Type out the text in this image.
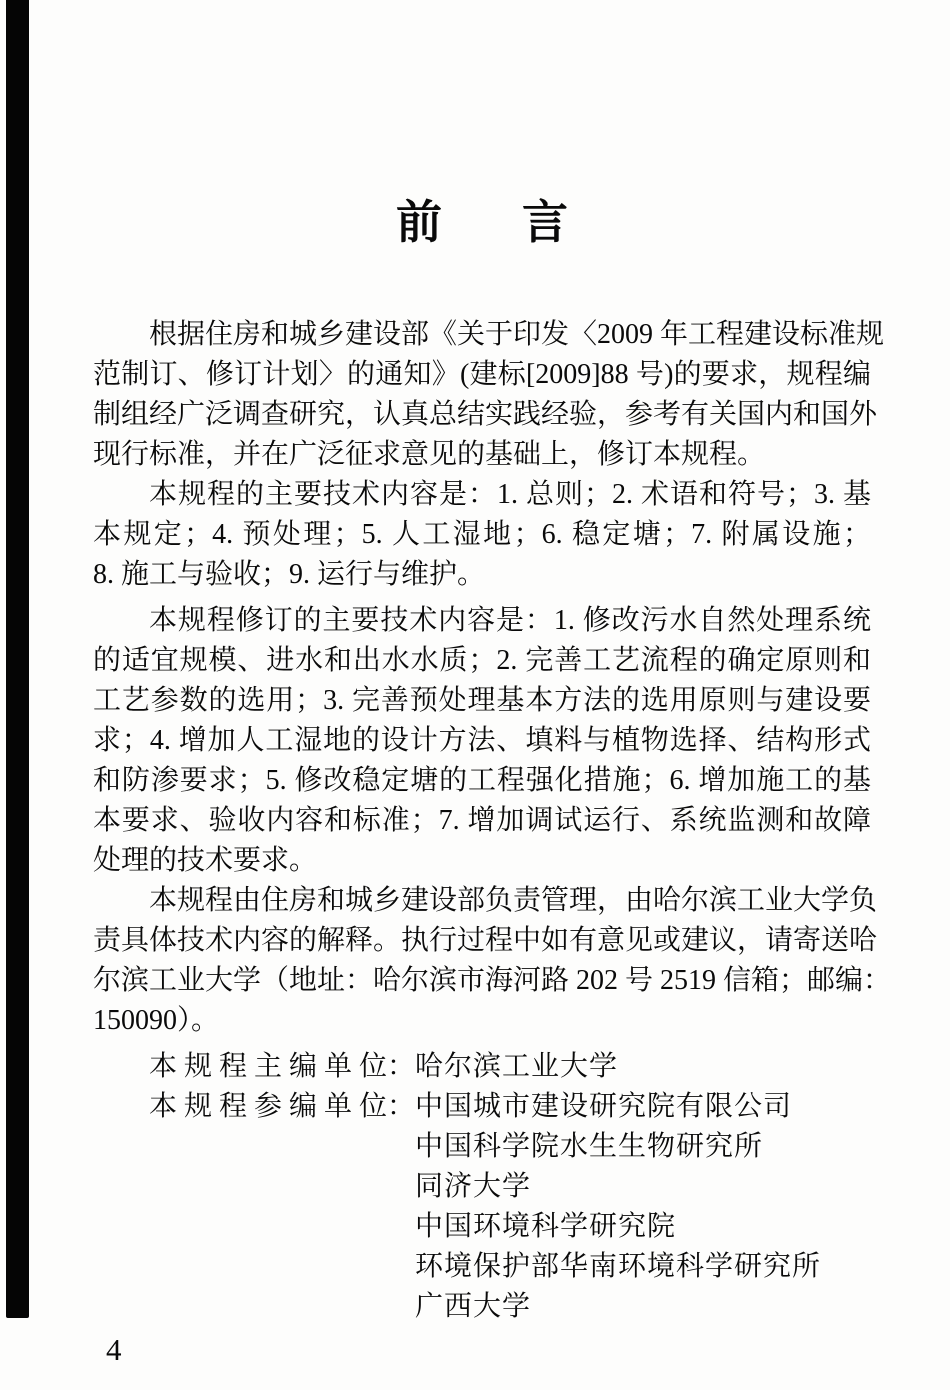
前 言
根据住房和城乡建设部《关于印发〈2009 年工程建设标准规
范制订、修订计划〉的通知》(建标[2009]88 号)的要求，规程编
制组经广泛调查研究，认真总结实践经验，参考有关国内和国外
现行标准，并在广泛征求意见的基础上，修订本规程。
本规程的主要技术内容是：1. 总则；2. 术语和符号；3. 基
本规定；4. 预处理；5. 人工湿地；6. 稳定塘；7. 附属设施；
8. 施工与验收；9. 运行与维护。
本规程修订的主要技术内容是：1. 修改污水自然处理系统
的适宜规模、进水和出水水质；2. 完善工艺流程的确定原则和
工艺参数的选用；3. 完善预处理基本方法的选用原则与建设要
求；4. 增加人工湿地的设计方法、填料与植物选择、结构形式
和防渗要求；5. 修改稳定塘的工程强化措施；6. 增加施工的基
本要求、验收内容和标准；7. 增加调试运行、系统监测和故障
处理的技术要求。
本规程由住房和城乡建设部负责管理，由哈尔滨工业大学负
责具体技术内容的解释。执行过程中如有意见或建议，请寄送哈
尔滨工业大学（地址：哈尔滨市海河路 202 号 2519 信箱；邮编：
150090）。
本 规 程 主 编 单 位：哈尔滨工业大学
本 规 程 参 编 单 位：中国城市建设研究院有限公司
中国科学院水生生物研究所
同济大学
中国环境科学研究院
环境保护部华南环境科学研究所
广西大学
4
